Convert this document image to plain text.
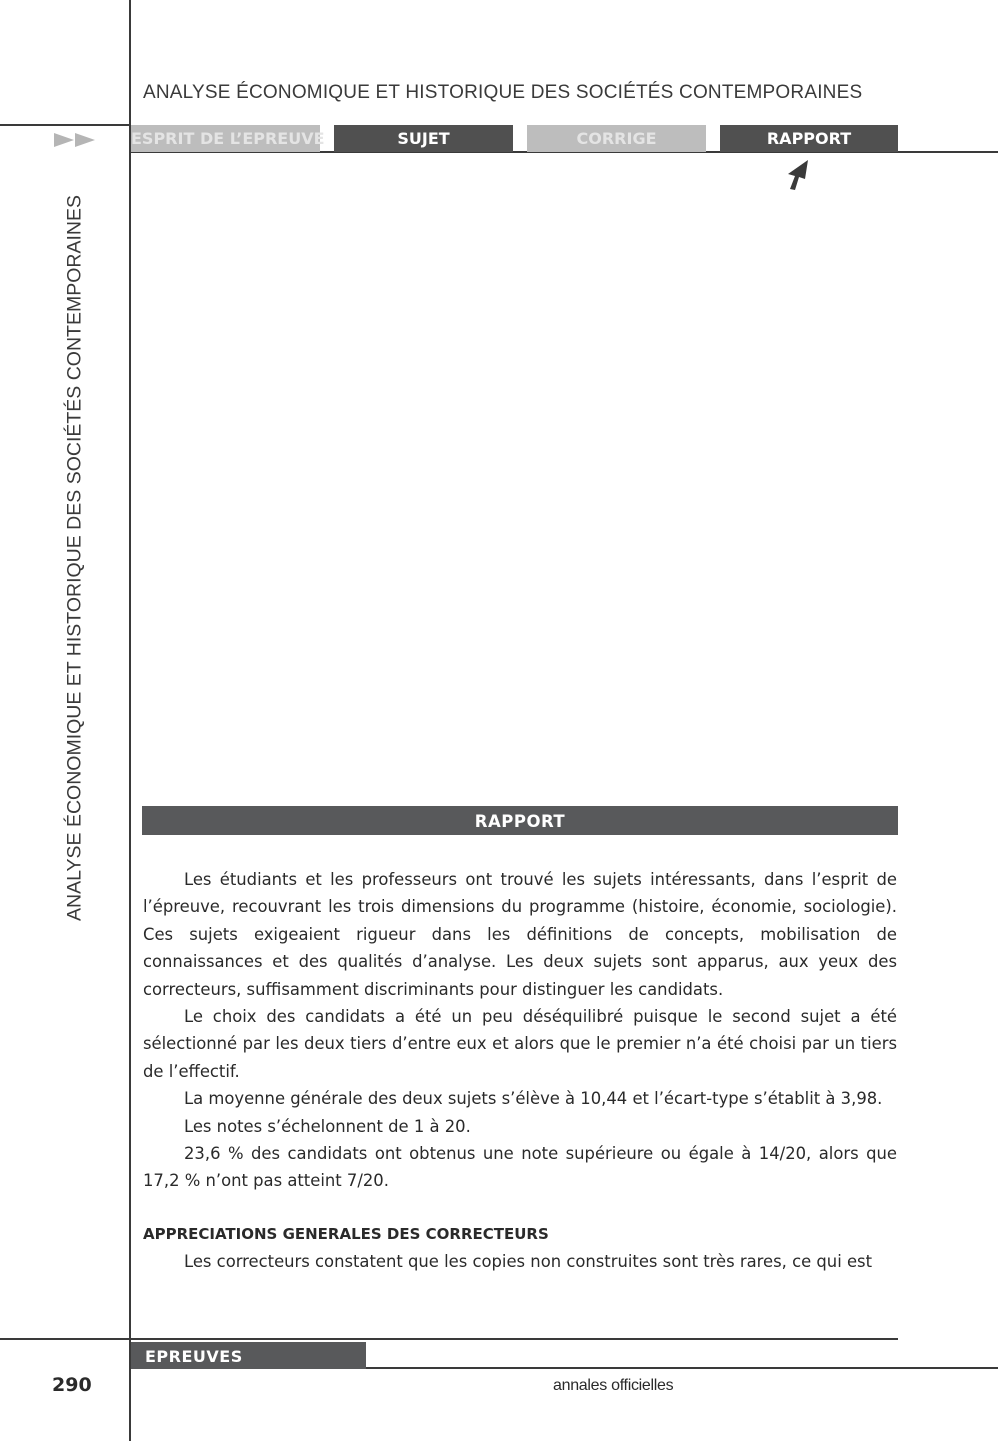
ANALYSE ÉCONOMIQUE ET HISTORIQUE DES SOCIÉTÉS CONTEMPORAINES
ANALYSE ÉCONOMIQUE ET HISTORIQUE DES SOCIÉTÉS CONTEMPORAINES
ESPRIT DE L’EPREUVE	SUJET	CORRIGE	RAPPORT
RAPPORT

Les étudiants et les professeurs ont trouvé les sujets intéressants, dans l’esprit de l’épreuve, recouvrant les trois dimensions du programme (histoire, économie, sociologie). Ces sujets exigeaient rigueur dans les définitions de concepts, mobilisation de connaissances et des qualités d’analyse. Les deux sujets sont apparus, aux yeux des correcteurs, suffisamment discriminants pour distinguer les candidats.

Le choix des candidats a été un peu déséquilibré puisque le second sujet a été sélectionné par les deux tiers d’entre eux et alors que le premier n’a été choisi par un tiers de l’effectif.

La moyenne générale des deux sujets s’élève à 10,44 et l’écart-type s’établit à 3,98.

Les notes s’échelonnent de 1 à 20.

23,6 % des candidats ont obtenus une note supérieure ou égale à 14/20, alors que 17,2 % n’ont pas atteint 7/20.

APPRECIATIONS GENERALES DES CORRECTEURS

Les correcteurs constatent que les copies non construites sont très rares, ce qui est

EPREUVES SPECIFIQUES
290	annales officielles
